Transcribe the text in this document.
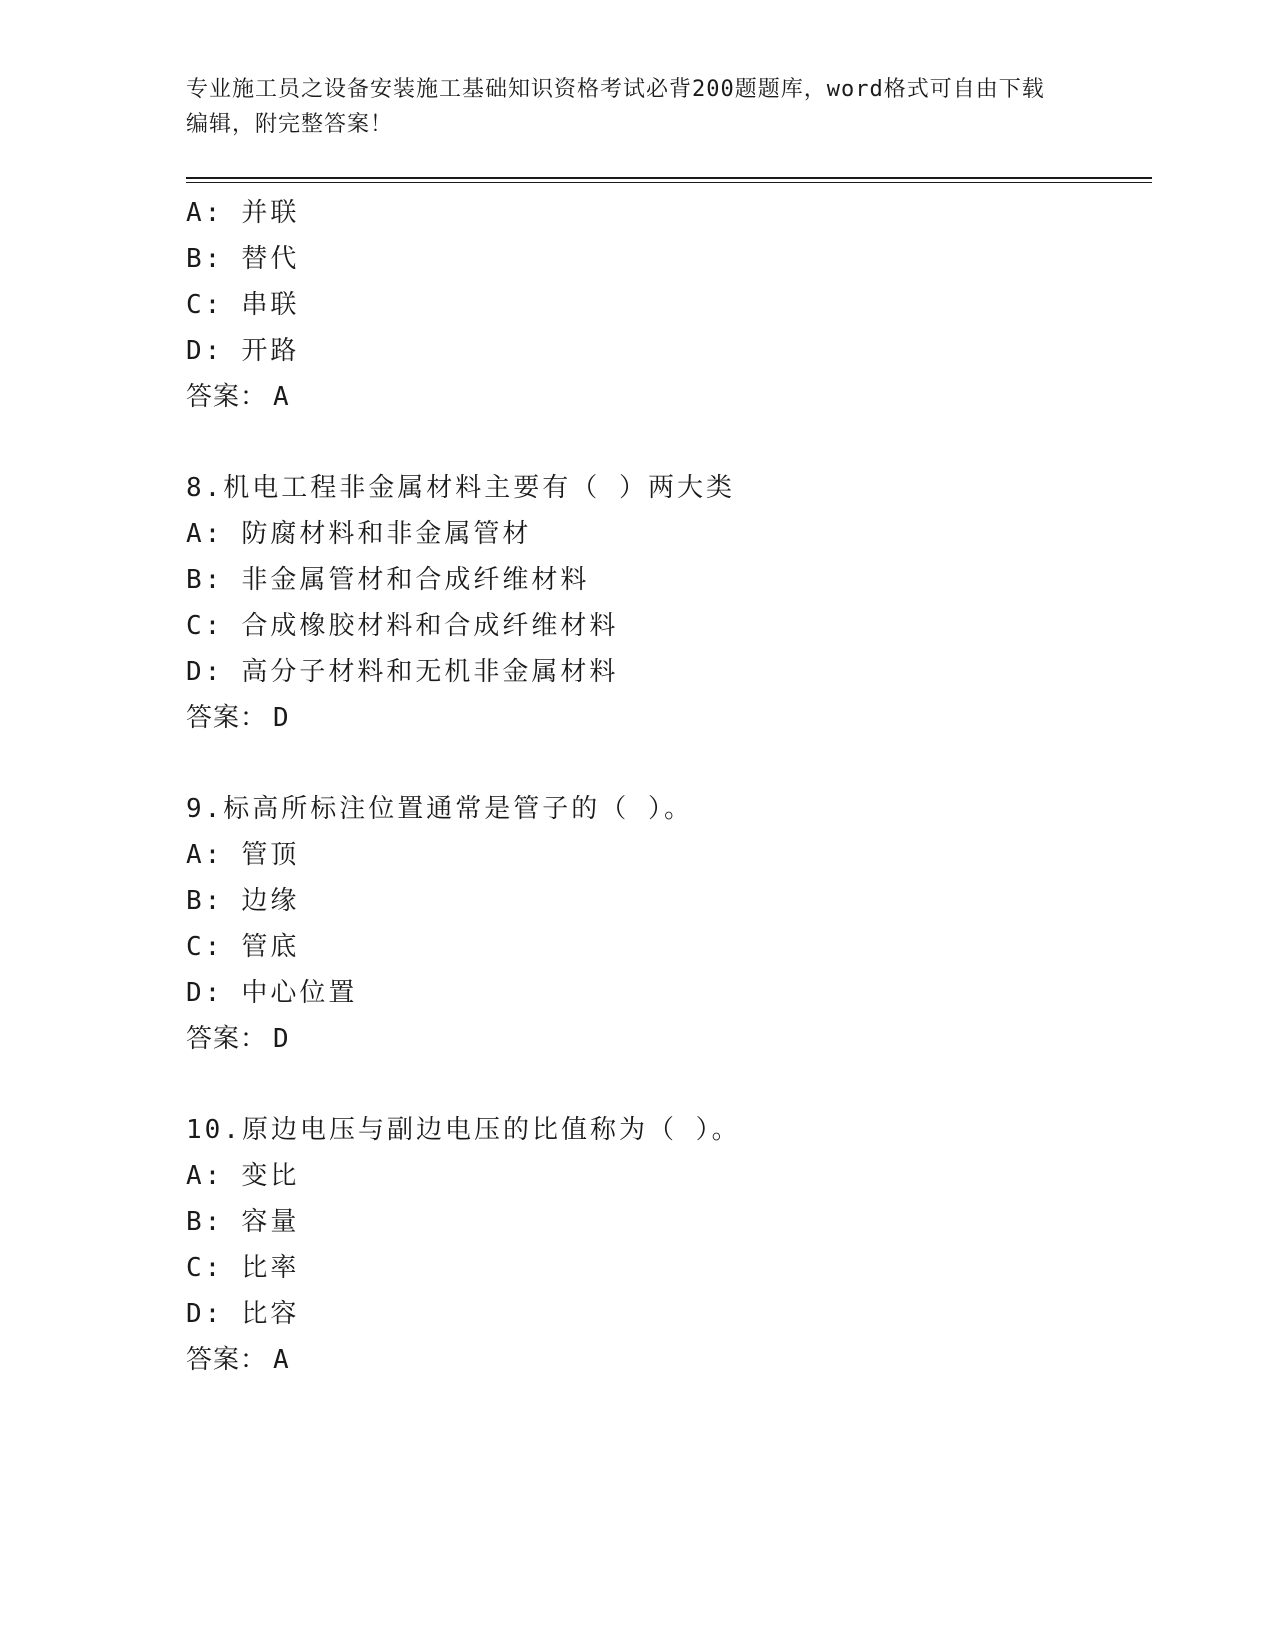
专业施工员之设备安装施工基础知识资格考试必背200题题库，word格式可自由下载编辑，附完整答案！
A: 并联
B: 替代
C: 串联
D: 开路
答案： A
8.机电工程非金属材料主要有（ ）两大类
A: 防腐材料和非金属管材
B: 非金属管材和合成纤维材料
C: 合成橡胶材料和合成纤维材料
D: 高分子材料和无机非金属材料
答案： D
9.标高所标注位置通常是管子的（ ）。
A: 管顶
B: 边缘
C: 管底
D: 中心位置
答案： D
10.原边电压与副边电压的比值称为（ ）。
A: 变比
B: 容量
C: 比率
D: 比容
答案： A
